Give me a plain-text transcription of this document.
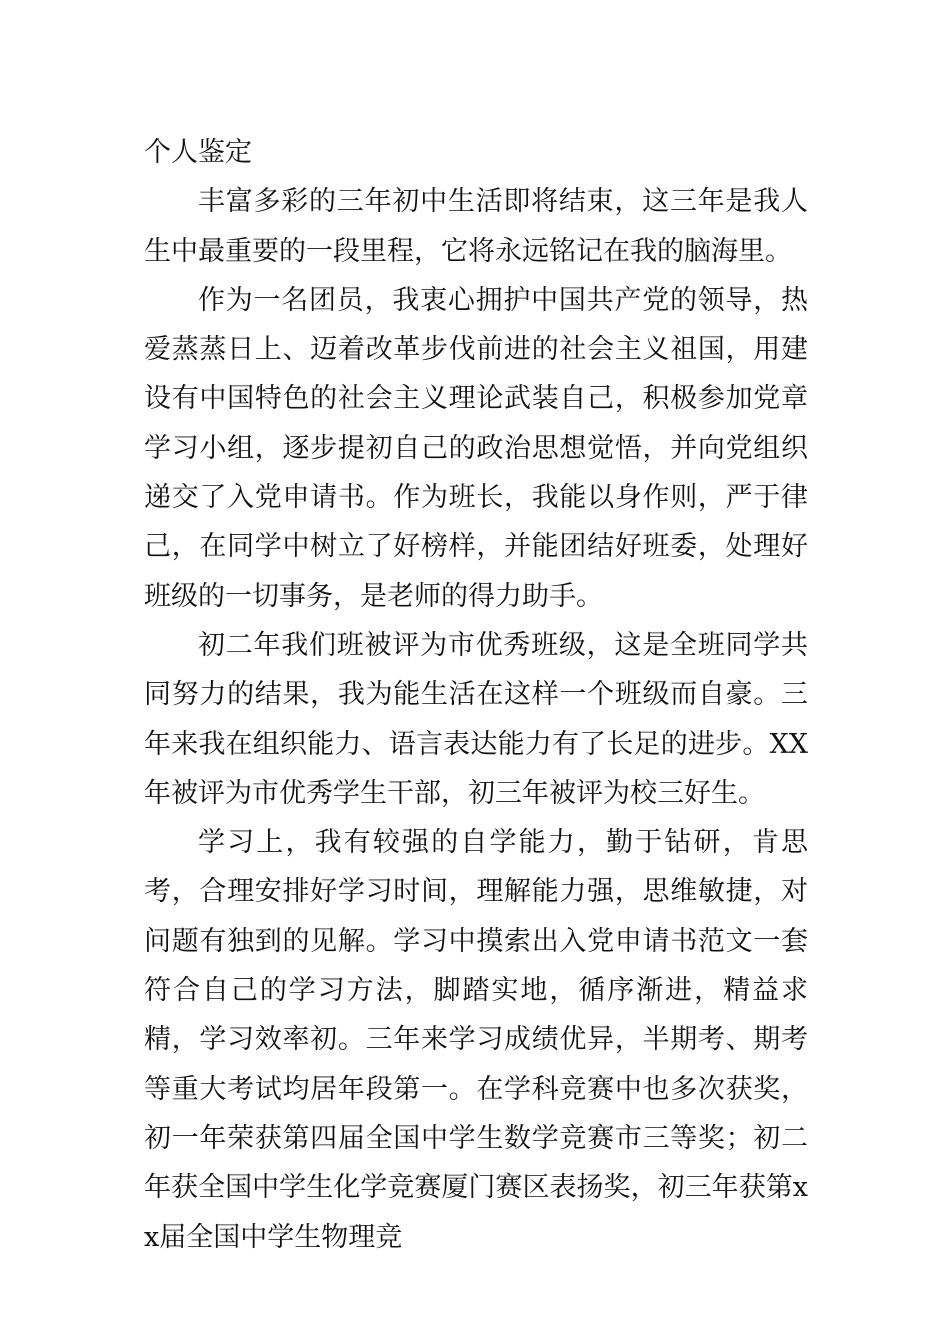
个人鉴定

丰富多彩的三年初中生活即将结束，这三年是我人生中最重要的一段里程，它将永远铭记在我的脑海里。

作为一名团员，我衷心拥护中国共产党的领导，热爱蒸蒸日上、迈着改革步伐前进的社会主义祖国，用建设有中国特色的社会主义理论武装自己，积极参加党章学习小组，逐步提初自己的政治思想觉悟，并向党组织递交了入党申请书。作为班长，我能以身作则，严于律己，在同学中树立了好榜样，并能团结好班委，处理好班级的一切事务，是老师的得力助手。

初二年我们班被评为市优秀班级，这是全班同学共同努力的结果，我为能生活在这样一个班级而自豪。三年来我在组织能力、语言表达能力有了长足的进步。XX年被评为市优秀学生干部，初三年被评为校三好生。

学习上，我有较强的自学能力，勤于钻研，肯思考，合理安排好学习时间，理解能力强，思维敏捷，对问题有独到的见解。学习中摸索出入党申请书范文一套符合自己的学习方法，脚踏实地，循序渐进，精益求精，学习效率初。三年来学习成绩优异，半期考、期考等重大考试均居年段第一。在学科竞赛中也多次获奖，初一年荣获第四届全国中学生数学竞赛市三等奖；初二年获全国中学生化学竞赛厦门赛区表扬奖，初三年获第xx届全国中学生物理竞
